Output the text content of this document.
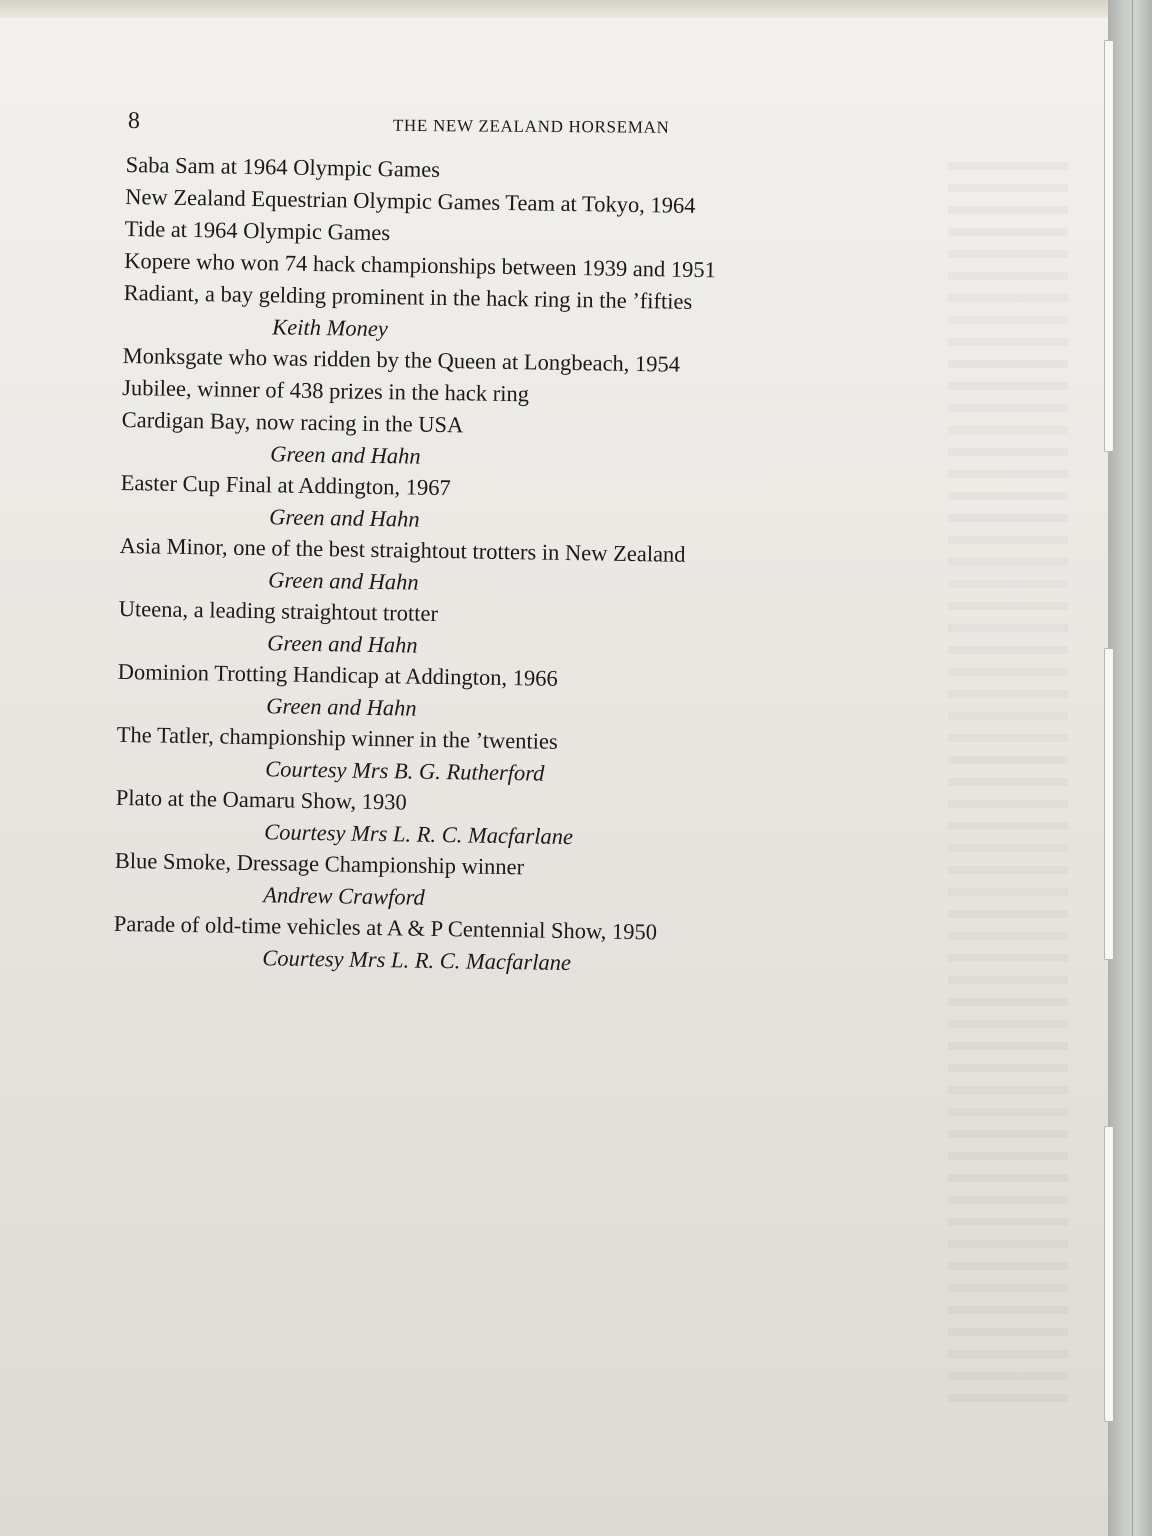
8	THE NEW ZEALAND HORSEMAN
Saba Sam at 1964 Olympic Games
New Zealand Equestrian Olympic Games Team at Tokyo, 1964
Tide at 1964 Olympic Games
Kopere who won 74 hack championships between 1939 and 1951
Radiant, a bay gelding prominent in the hack ring in the ’fifties
Keith Money
Monksgate who was ridden by the Queen at Longbeach, 1954
Jubilee, winner of 438 prizes in the hack ring
Cardigan Bay, now racing in the USA
Green and Hahn
Easter Cup Final at Addington, 1967
Green and Hahn
Asia Minor, one of the best straightout trotters in New Zealand
Green and Hahn
Uteena, a leading straightout trotter
Green and Hahn
Dominion Trotting Handicap at Addington, 1966
Green and Hahn
The Tatler, championship winner in the ’twenties
Courtesy Mrs B. G. Rutherford
Plato at the Oamaru Show, 1930
Courtesy Mrs L. R. C. Macfarlane
Blue Smoke, Dressage Championship winner
Andrew Crawford
Parade of old-time vehicles at A & P Centennial Show, 1950
Courtesy Mrs L. R. C. Macfarlane
